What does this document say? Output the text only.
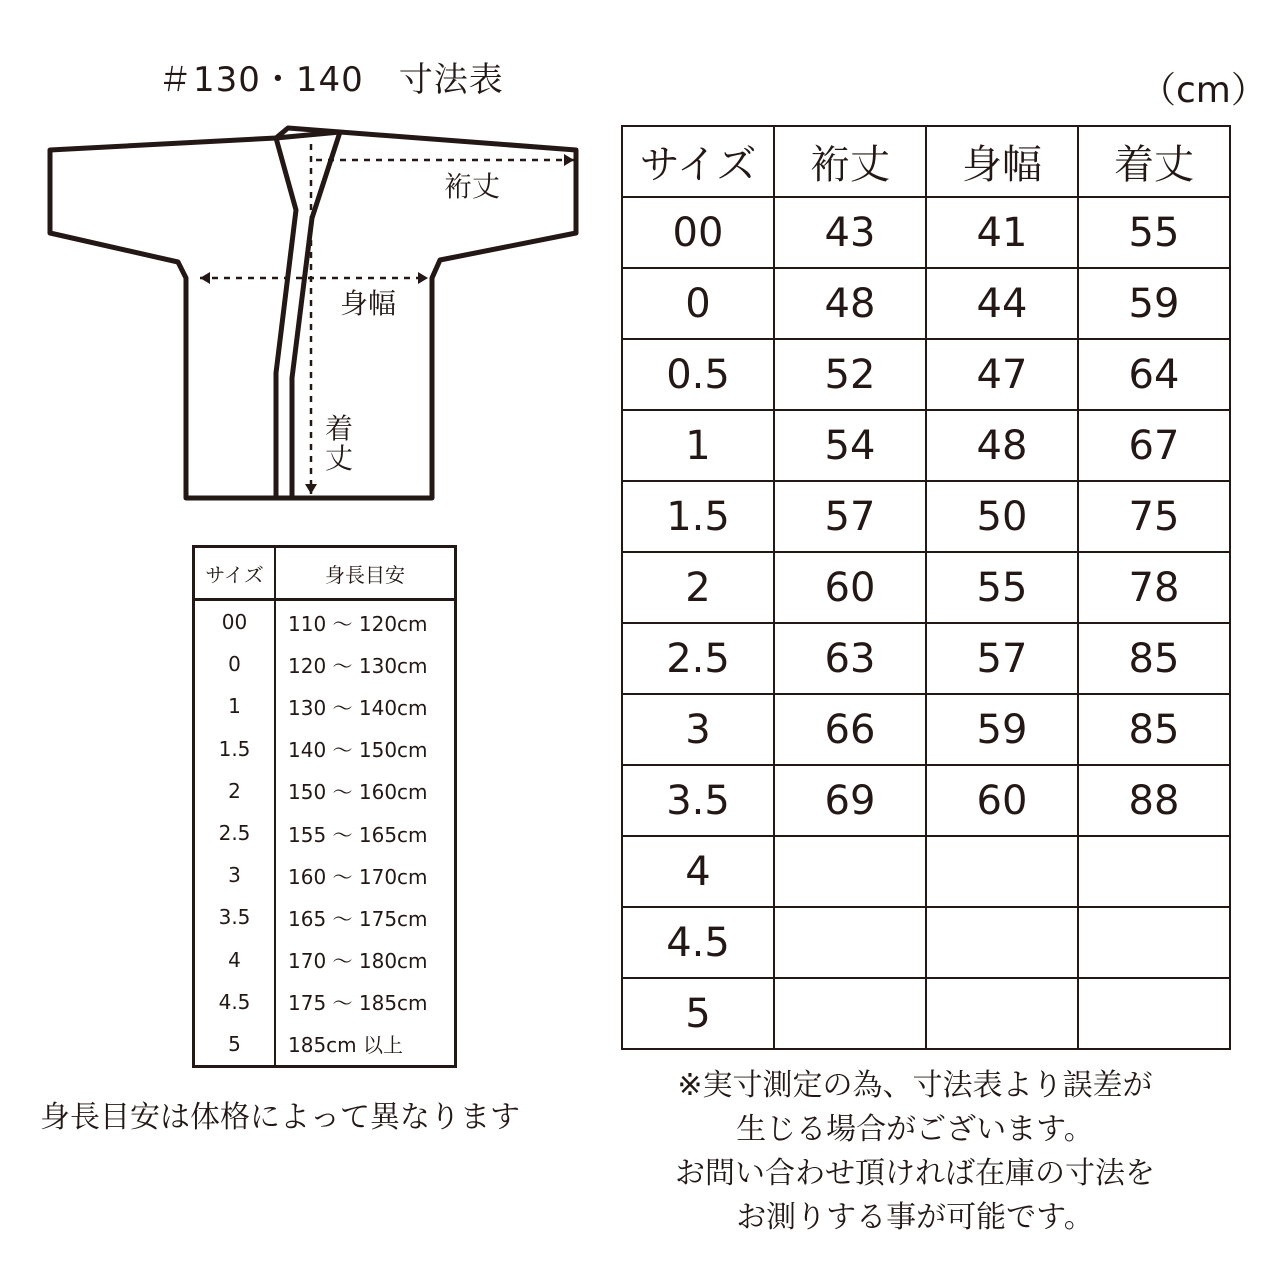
＃130・140　寸法表	（cm）
裄丈
身幅
着
丈
サイズ	裄丈	身幅	着丈
00	43	41	55
0	48	44	59
0.5	52	47	64
1	54	48	67
1.5	57	50	75
2	60	55	78
2.5	63	57	85
3	66	59	85
3.5	69	60	88
4			
4.5			
5			
サイズ	身長目安
00	110 ～ 120cm
0	120 ～ 130cm
1	130 ～ 140cm
1.5	140 ～ 150cm
2	150 ～ 160cm
2.5	155 ～ 165cm
3	160 ～ 170cm
3.5	165 ～ 175cm
4	170 ～ 180cm
4.5	175 ～ 185cm
5	185cm 以上
身長目安は体格によって異なります
※実寸測定の為、寸法表より誤差が
生じる場合がございます。
お問い合わせ頂ければ在庫の寸法を
お測りする事が可能です。
